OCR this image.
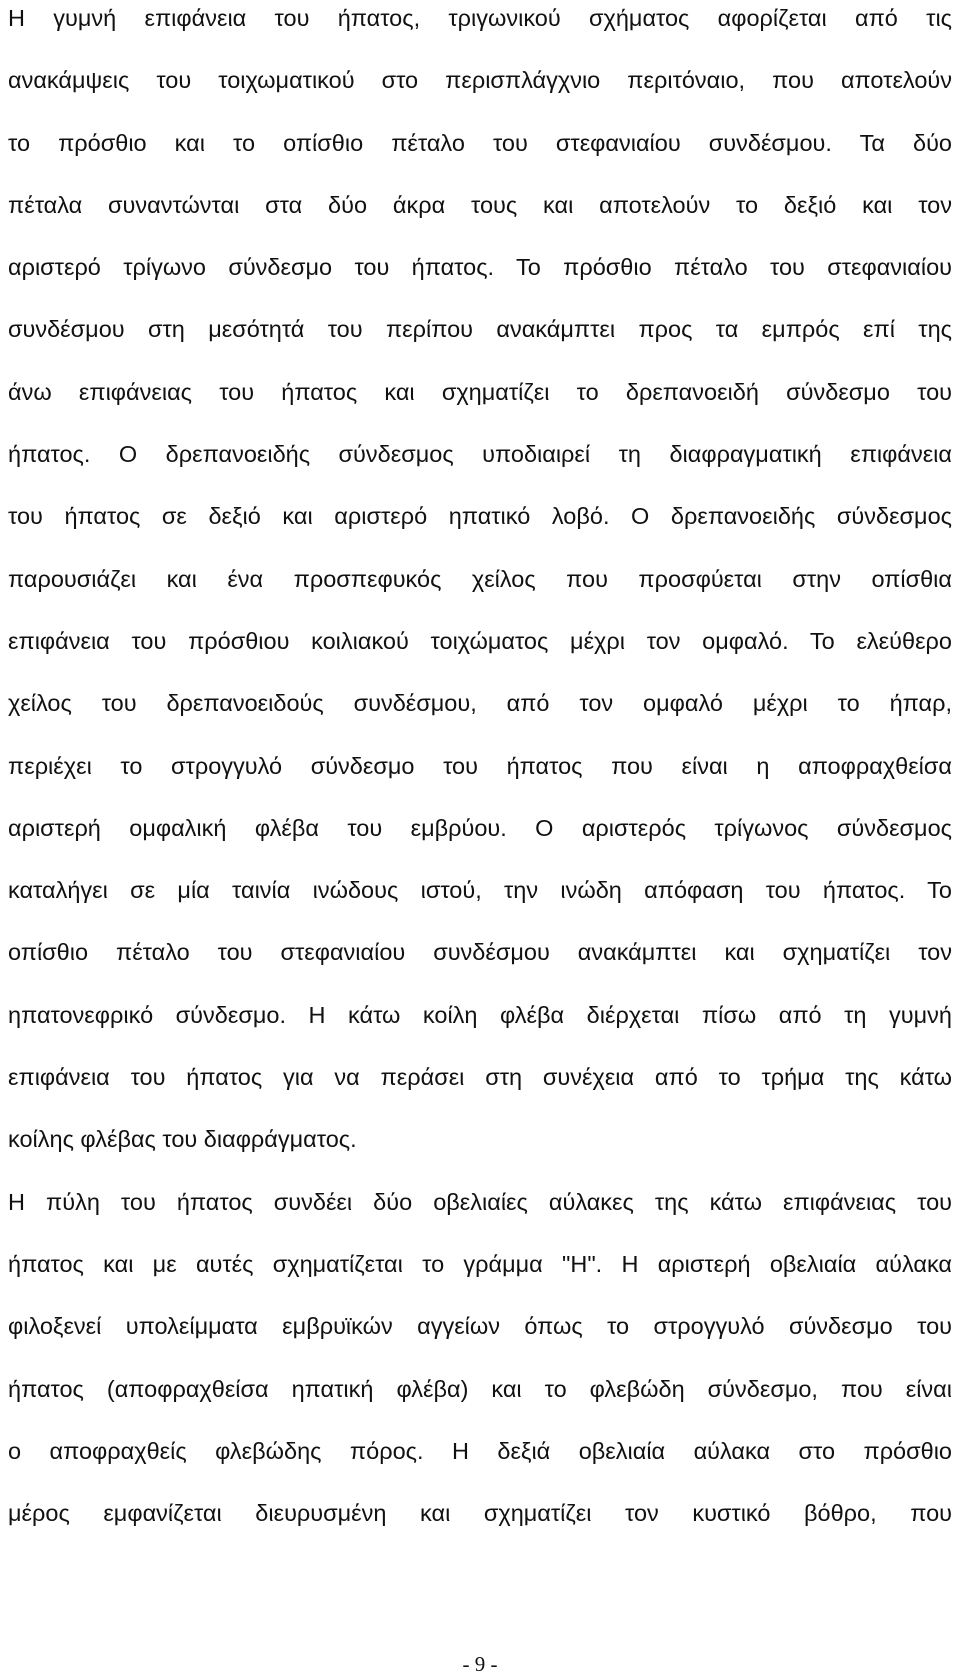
Η γυμνή επιφάνεια του ήπατος, τριγωνικού σχήματος αφορίζεται από τις
ανακάμψεις του τοιχωματικού στο περισπλάγχνιο περιτόναιο, που αποτελούν
το πρόσθιο και το οπίσθιο πέταλο του στεφανιαίου συνδέσμου. Τα δύο
πέταλα συναντώνται στα δύο άκρα τους και αποτελούν το δεξιό και τον
αριστερό τρίγωνο σύνδεσμο του ήπατος. Το πρόσθιο πέταλο του στεφανιαίου
συνδέσμου στη μεσότητά του περίπου ανακάμπτει προς τα εμπρός επί της
άνω επιφάνειας του ήπατος και σχηματίζει το δρεπανοειδή σύνδεσμο του
ήπατος. Ο δρεπανοειδής σύνδεσμος υποδιαιρεί τη διαφραγματική επιφάνεια
του ήπατος σε δεξιό και αριστερό ηπατικό λοβό. Ο δρεπανοειδής σύνδεσμος
παρουσιάζει και ένα προσπεφυκός χείλος που προσφύεται στην οπίσθια
επιφάνεια του πρόσθιου κοιλιακού τοιχώματος μέχρι τον ομφαλό. Το ελεύθερο
χείλος του δρεπανοειδούς συνδέσμου, από τον ομφαλό μέχρι το ήπαρ,
περιέχει το στρογγυλό σύνδεσμο του ήπατος που είναι η αποφραχθείσα
αριστερή ομφαλική φλέβα του εμβρύου. Ο αριστερός τρίγωνος σύνδεσμος
καταλήγει σε μία ταινία ινώδους ιστού, την ινώδη απόφαση του ήπατος. Το
οπίσθιο πέταλο του στεφανιαίου συνδέσμου ανακάμπτει και σχηματίζει τον
ηπατονεφρικό σύνδεσμο. Η κάτω κοίλη φλέβα διέρχεται πίσω από τη γυμνή
επιφάνεια του ήπατος για να περάσει στη συνέχεια από το τρήμα της κάτω
κοίλης φλέβας του διαφράγματος.
Η πύλη του ήπατος συνδέει δύο οβελιαίες αύλακες της κάτω επιφάνειας του
ήπατος και με αυτές σχηματίζεται το γράμμα "Η". Η αριστερή οβελιαία αύλακα
φιλοξενεί υπολείμματα εμβρυϊκών αγγείων όπως το στρογγυλό σύνδεσμο του
ήπατος (αποφραχθείσα ηπατική φλέβα) και το φλεβώδη σύνδεσμο, που είναι
ο αποφραχθείς φλεβώδης πόρος. Η δεξιά οβελιαία αύλακα στο πρόσθιο
μέρος εμφανίζεται διευρυσμένη και σχηματίζει τον κυστικό βόθρο, που
- 9 -
